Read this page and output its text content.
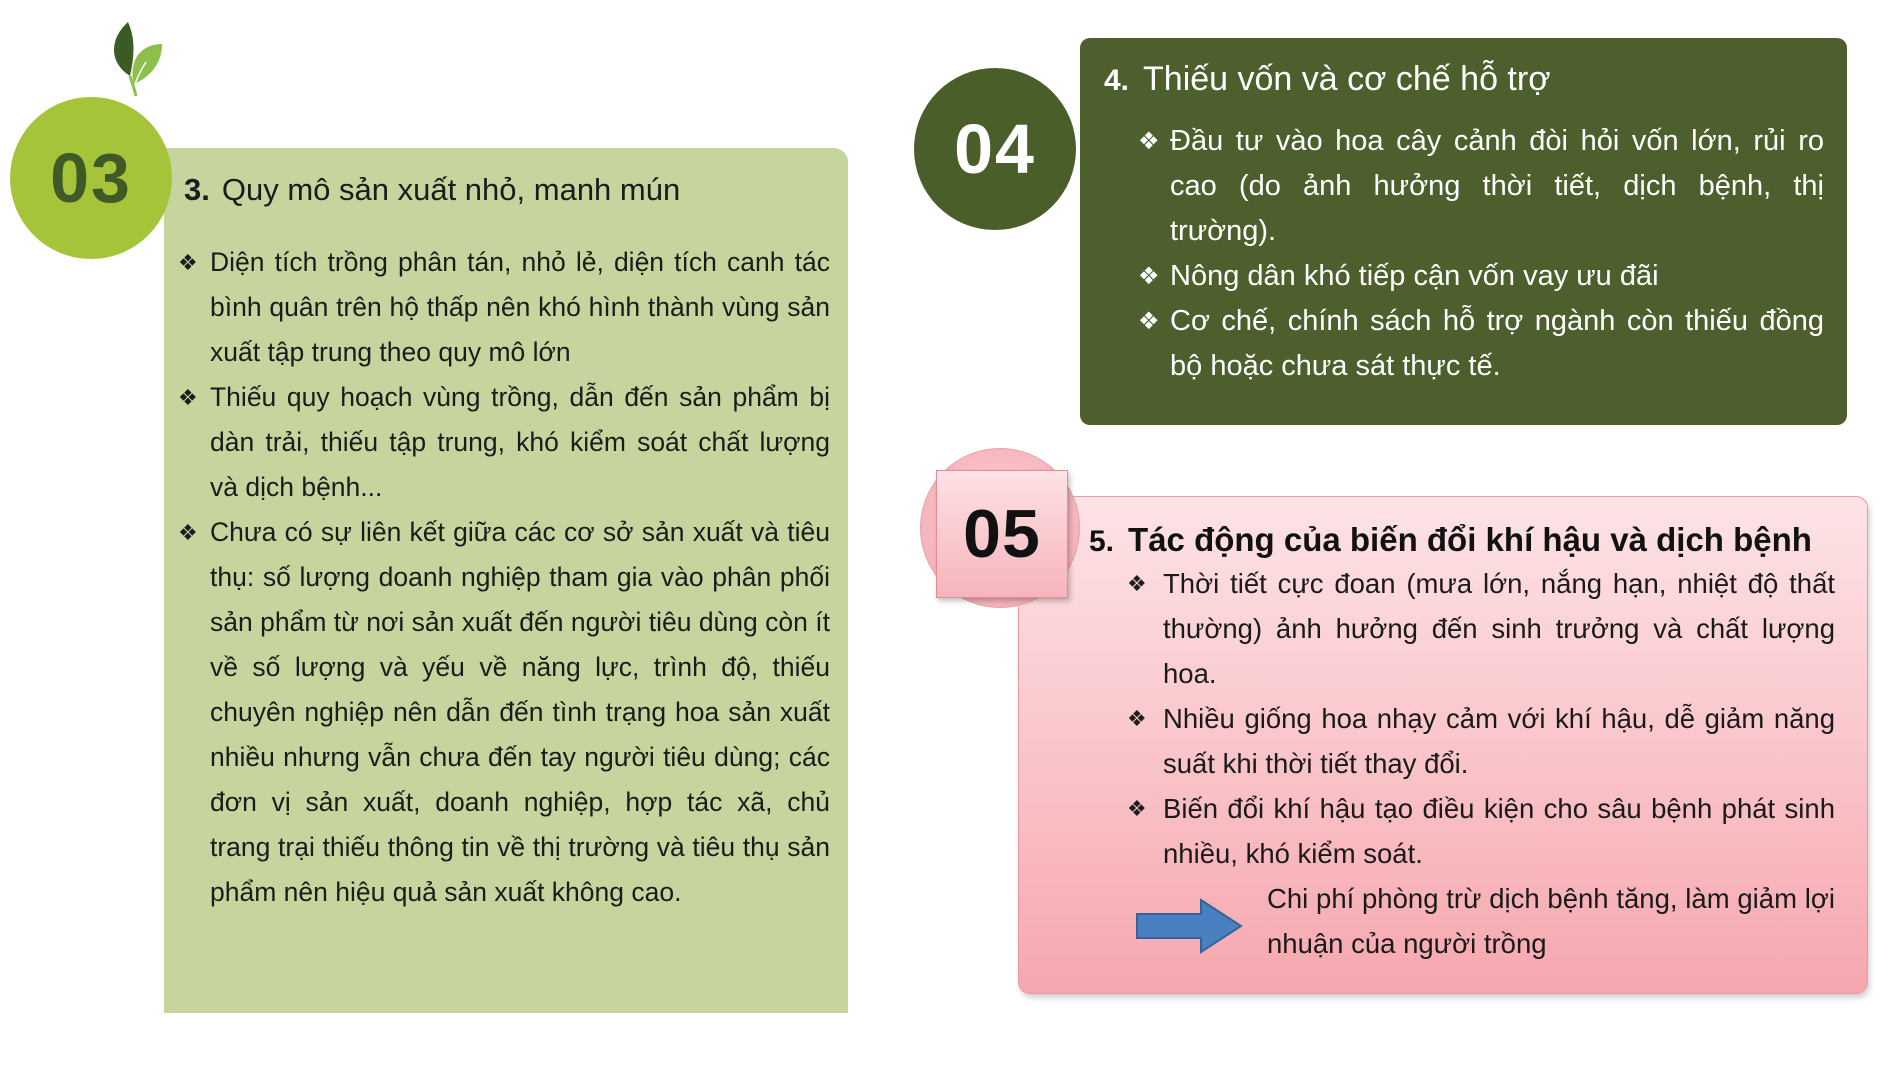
03 3. Quy mô sản xuất nhỏ, manh mún
❖ Diện tích trồng phân tán, nhỏ lẻ, diện tích canh tác bình quân trên hộ thấp nên khó hình thành vùng sản xuất tập trung theo quy mô lớn
❖ Thiếu quy hoạch vùng trồng, dẫn đến sản phẩm bị dàn trải, thiếu tập trung, khó kiểm soát chất lượng và dịch bệnh...
❖ Chưa có sự liên kết giữa các cơ sở sản xuất và tiêu thụ: số lượng doanh nghiệp tham gia vào phân phối sản phẩm từ nơi sản xuất đến người tiêu dùng còn ít về số lượng và yếu về năng lực, trình độ, thiếu chuyên nghiệp nên dẫn đến tình trạng hoa sản xuất nhiều nhưng vẫn chưa đến tay người tiêu dùng; các đơn vị sản xuất, doanh nghiệp, hợp tác xã, chủ trang trại thiếu thông tin về thị trường và tiêu thụ sản phẩm nên hiệu quả sản xuất không cao.
04
4. Thiếu vốn và cơ chế hỗ trợ
❖ Đầu tư vào hoa cây cảnh đòi hỏi vốn lớn, rủi ro cao (do ảnh hưởng thời tiết, dịch bệnh, thị trường).
❖ Nông dân khó tiếp cận vốn vay ưu đãi
❖ Cơ chế, chính sách hỗ trợ ngành còn thiếu đồng bộ hoặc chưa sát thực tế.
05 5. Tác động của biến đổi khí hậu và dịch bệnh
❖ Thời tiết cực đoan (mưa lớn, nắng hạn, nhiệt độ thất thường) ảnh hưởng đến sinh trưởng và chất lượng hoa.
❖ Nhiều giống hoa nhạy cảm với khí hậu, dễ giảm năng suất khi thời tiết thay đổi.
❖ Biến đổi khí hậu tạo điều kiện cho sâu bệnh phát sinh nhiều, khó kiểm soát.
Chi phí phòng trừ dịch bệnh tăng, làm giảm lợi nhuận của người trồng
